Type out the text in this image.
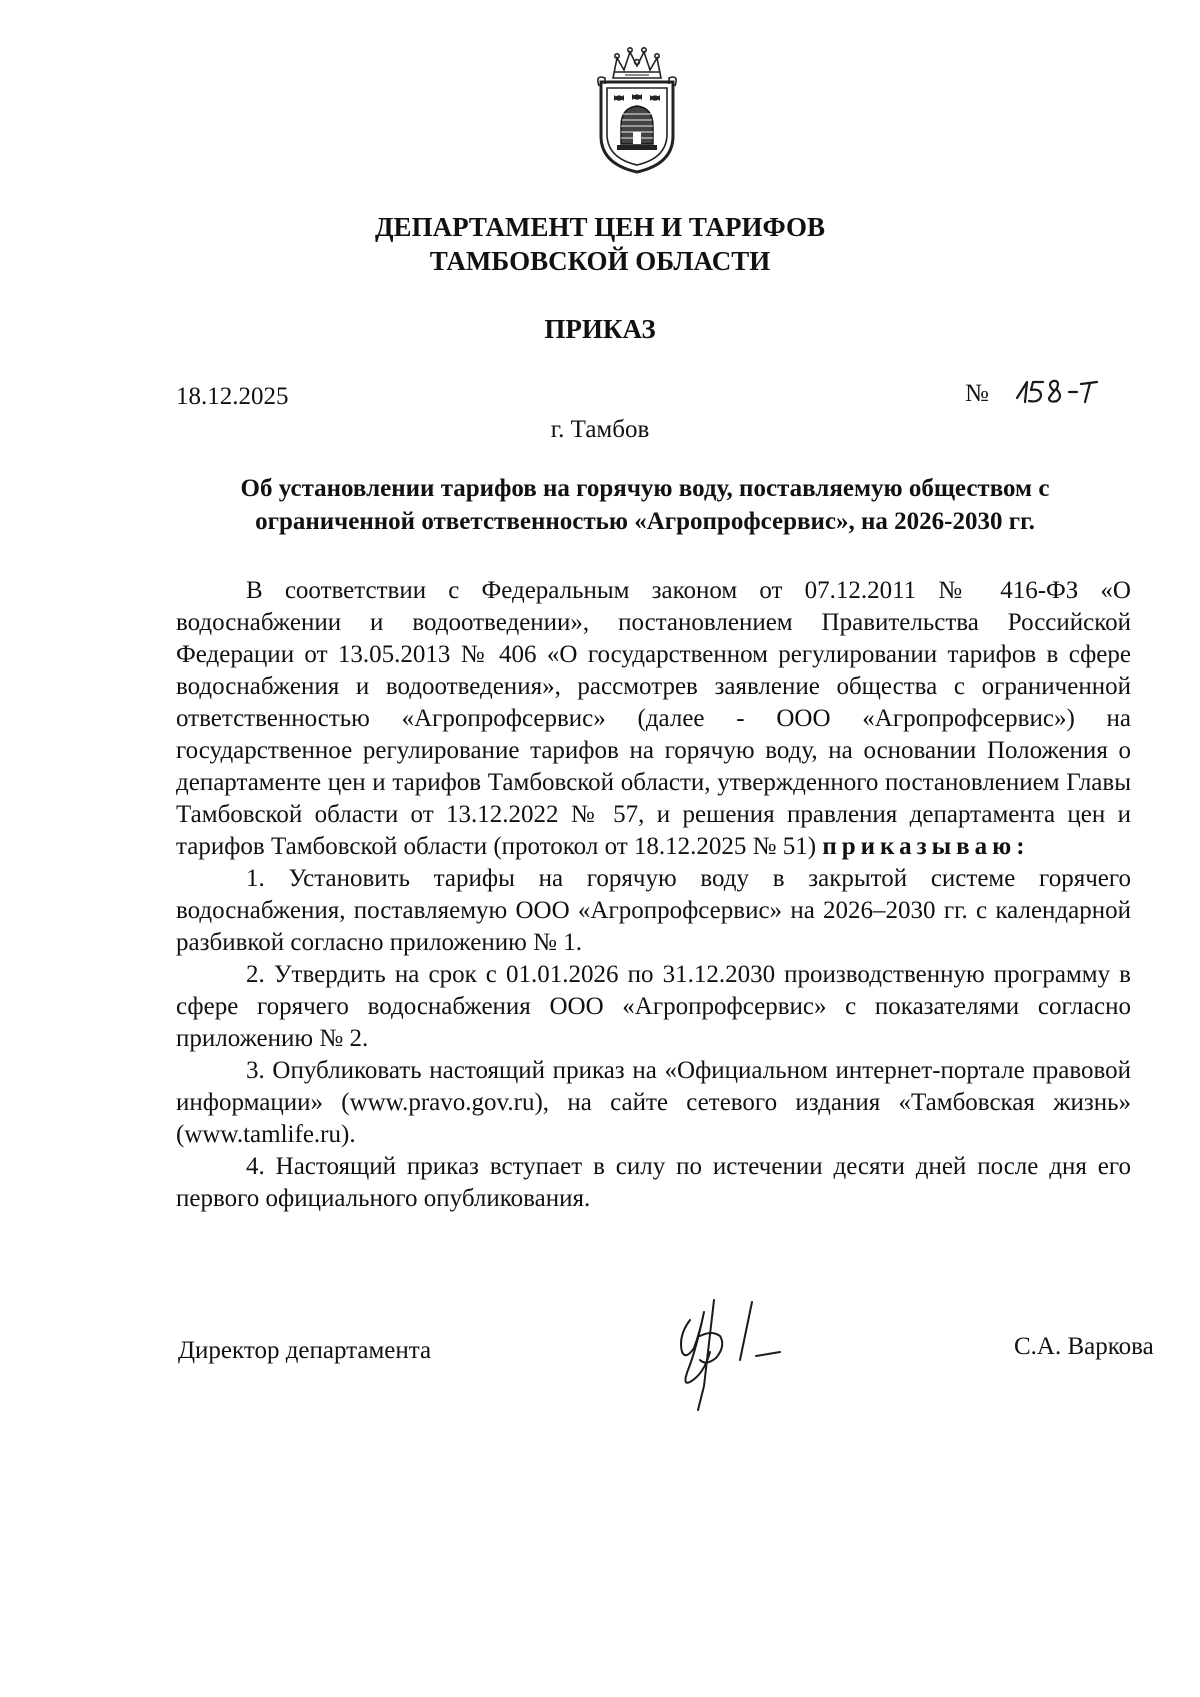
ДЕПАРТАМЕНТ ЦЕН И ТАРИФОВ
ТАМБОВСКОЙ ОБЛАСТИ
ПРИКАЗ
18.12.2025	№
г. Тамбов
Об установлении тарифов на горячую воду, поставляемую обществом с ограниченной ответственностью «Агропрофсервис», на 2026-2030 гг.

В соответствии с Федеральным законом от 07.12.2011 № 416-ФЗ «О водоснабжении и водоотведении», постановлением Правительства Российской Федерации от 13.05.2013 № 406 «О государственном регулировании тарифов в сфере водоснабжения и водоотведения», рассмотрев заявление общества с ограниченной ответственностью «Агропрофсервис» (далее - ООО «Агропрофсервис») на государственное регулирование тарифов на горячую воду, на основании Положения о департаменте цен и тарифов Тамбовской области, утвержденного постановлением Главы Тамбовской области от 13.12.2022 № 57, и решения правления департамента цен и тарифов Тамбовской области (протокол от 18.12.2025 № 51) приказываю:

1. Установить тарифы на горячую воду в закрытой системе горячего водоснабжения, поставляемую ООО «Агропрофсервис» на 2026–2030 гг. с календарной разбивкой согласно приложению № 1.

2. Утвердить на срок с 01.01.2026 по 31.12.2030 производственную программу в сфере горячего водоснабжения ООО «Агропрофсервис» с показателями согласно приложению № 2.

3. Опубликовать настоящий приказ на «Официальном интернет-портале правовой информации» (www.pravo.gov.ru), на сайте сетевого издания «Тамбовская жизнь» (www.tamlife.ru).

4. Настоящий приказ вступает в силу по истечении десяти дней после дня его первого официального опубликования.

Директор департамента	С.А. Варкова
